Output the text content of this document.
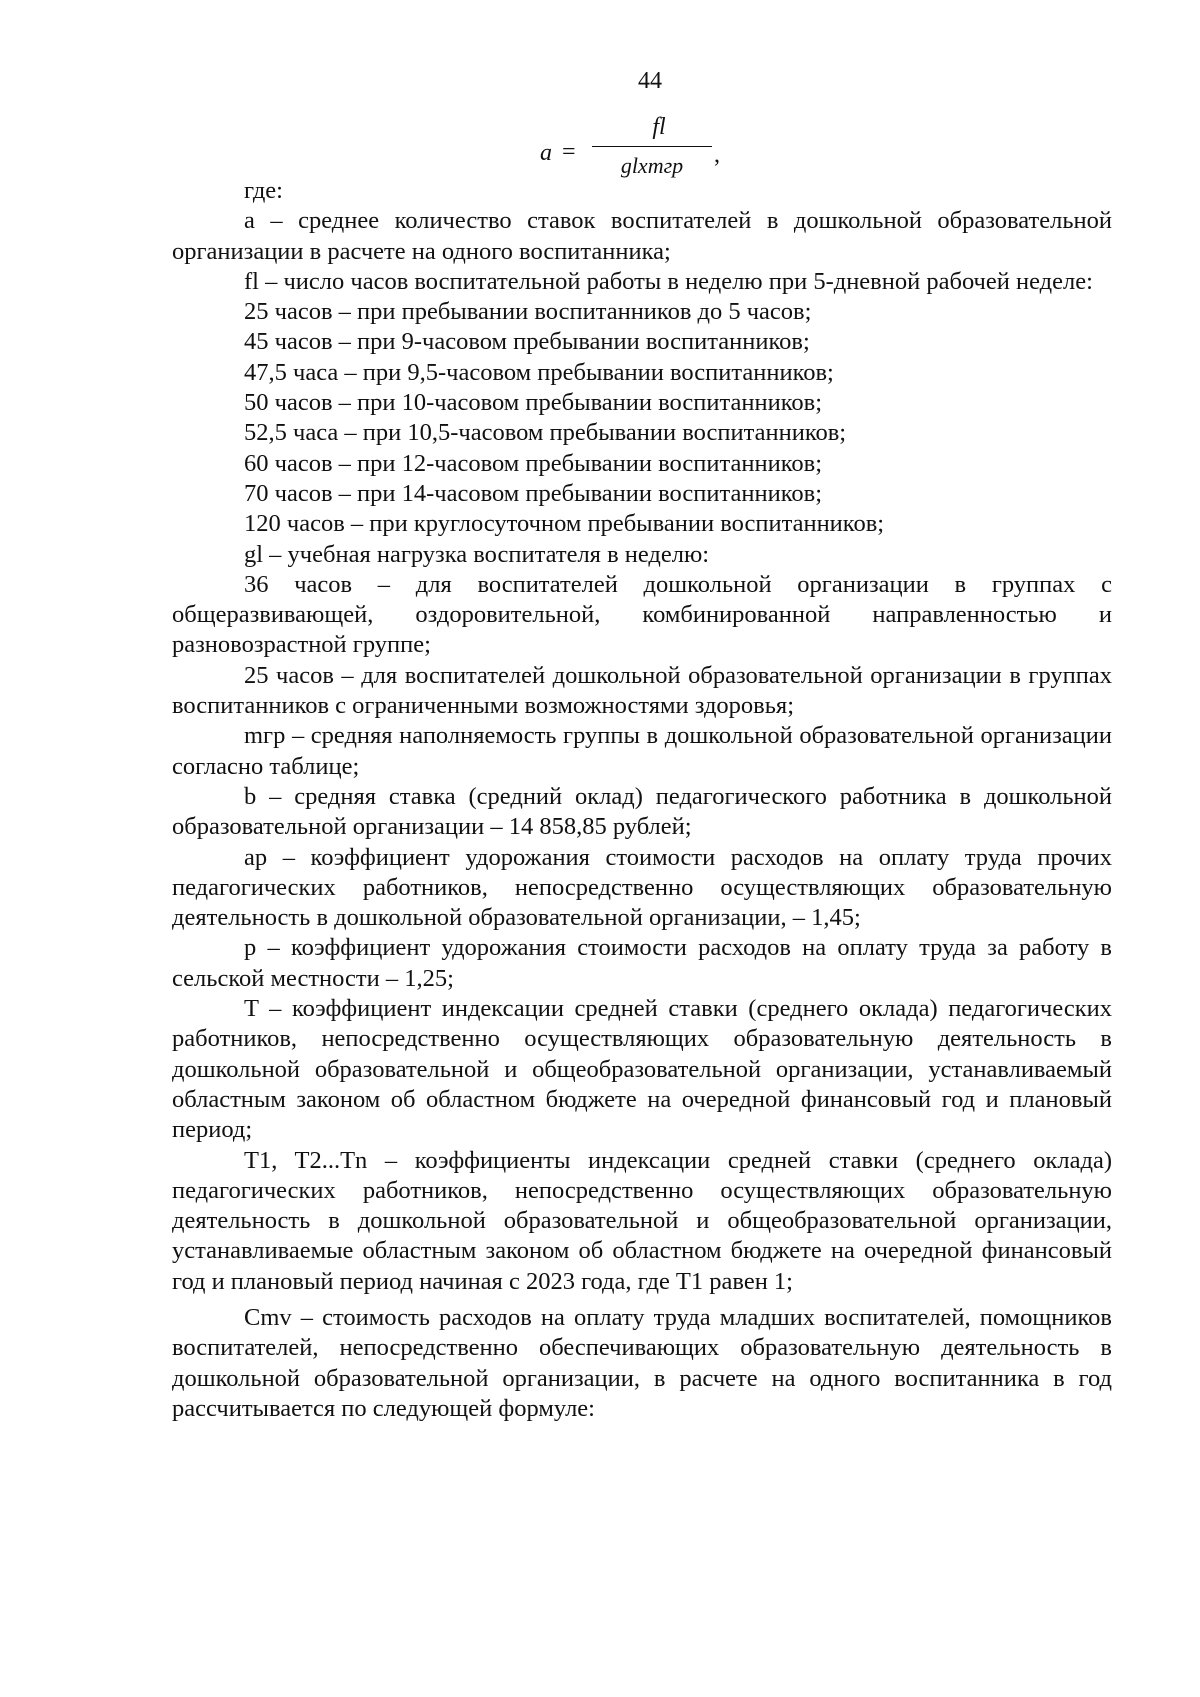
44
a =
fl
glxmгр	,

где:

a – среднее количество ставок воспитателей в дошкольной образовательной организации в расчете на одного воспитанника;

fl – число часов воспитательной работы в неделю при 5-дневной рабочей неделе:

25 часов – при пребывании воспитанников до 5 часов;

45 часов – при 9-часовом пребывании воспитанников;

47,5 часа – при 9,5-часовом пребывании воспитанников;

50 часов – при 10-часовом пребывании воспитанников;

52,5 часа – при 10,5-часовом пребывании воспитанников;

60 часов – при 12-часовом пребывании воспитанников;

70 часов – при 14-часовом пребывании воспитанников;

120 часов – при круглосуточном пребывании воспитанников;

gl – учебная нагрузка воспитателя в неделю:

36 часов – для воспитателей дошкольной организации в группах с общеразвивающей, оздоровительной, комбинированной направленностью и разновозрастной группе;

25 часов – для воспитателей дошкольной образовательной организации в группах воспитанников с ограниченными возможностями здоровья;

mгр – средняя наполняемость группы в дошкольной образовательной организации согласно таблице;

b – средняя ставка (средний оклад) педагогического работника в дошкольной образовательной организации – 14 858,85 рублей;

ap – коэффициент удорожания стоимости расходов на оплату труда прочих педагогических работников, непосредственно осуществляющих образовательную деятельность в дошкольной образовательной организации, – 1,45;

p – коэффициент удорожания стоимости расходов на оплату труда за работу в сельской местности – 1,25;

T – коэффициент индексации средней ставки (среднего оклада) педагогических работников, непосредственно осуществляющих образовательную деятельность в дошкольной образовательной и общеобразовательной организации, устанавливаемый областным законом об областном бюджете на очередной финансовый год и плановый период;

T1, T2...Tn – коэффициенты индексации средней ставки (среднего оклада) педагогических работников, непосредственно осуществляющих образовательную деятельность в дошкольной образовательной и общеобразовательной организации, устанавливаемые областным законом об областном бюджете на очередной финансовый год и плановый период начиная с 2023 года, где T1 равен 1;

Cmv – стоимость расходов на оплату труда младших воспитателей, помощников воспитателей, непосредственно обеспечивающих образовательную деятельность в дошкольной образовательной организации, в расчете на одного воспитанника в год рассчитывается по следующей формуле:
